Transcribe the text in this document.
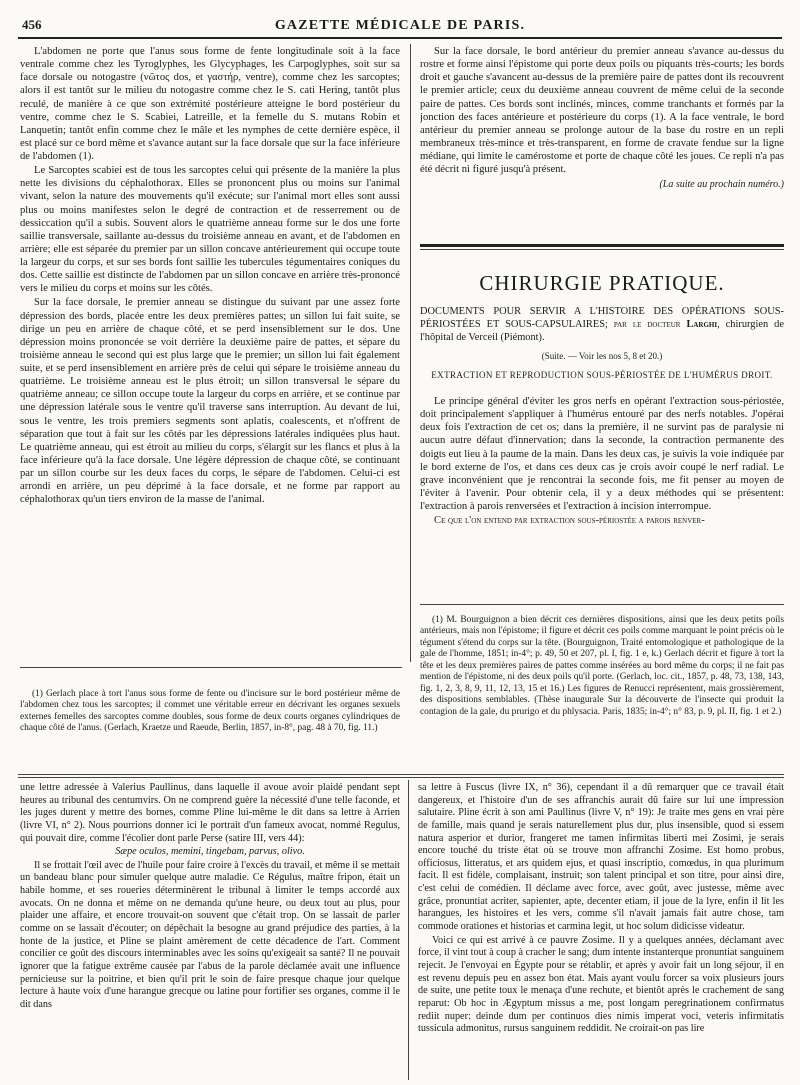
456	GAZETTE MÉDICALE DE PARIS.

L'abdomen ne porte que l'anus sous forme de fente longitudinale soit à la face ventrale comme chez les Tyroglyphes, les Glycyphages, les Carpoglyphes, soit sur sa face dorsale ou notogastre (νῶτος dos, et γαστήρ, ventre), comme chez les sarcoptes; alors il est tantôt sur le milieu du notogastre comme chez le S. cati Hering, tantôt plus reculé, de manière à ce que son extrémité postérieure atteigne le bord postérieur du ventre, comme chez le S. Scabiei, Latreille, et la femelle du S. mutans Robin et Lanquetin; tantôt enfin comme chez le mâle et les nymphes de cette dernière espèce, il est placé sur ce bord même et s'avance autant sur la face dorsale que sur la face inférieure de l'abdomen (1).

Le Sarcoptes scabiei est de tous les sarcoptes celui qui présente de la manière la plus nette les divisions du céphalothorax. Elles se prononcent plus ou moins sur l'animal vivant, selon la nature des mouvements qu'il exécute; sur l'animal mort elles sont aussi plus ou moins manifestes selon le degré de contraction et de resserrement ou de dessiccation qu'il a subis. Souvent alors le quatrième anneau forme sur le dos une forte saillie transversale, saillante au-dessus du troisième anneau en avant, et de l'abdomen en arrière; elle est séparée du premier par un sillon concave antérieurement qui occupe toute la largeur du corps, et sur ses bords font saillie les tubercules tégumentaires coniques du dos. Cette saillie est distincte de l'abdomen par un sillon concave en arrière très-prononcé vers le milieu du corps et moins sur les côtés.

Sur la face dorsale, le premier anneau se distingue du suivant par une assez forte dépression des bords, placée entre les deux premières pattes; un sillon lui fait suite, se dirige un peu en arrière de chaque côté, et se perd insensiblement sur le dos. Une dépression moins prononcée se voit derrière la deuxième paire de pattes, et sépare du troisième anneau le second qui est plus large que le premier; un sillon lui fait également suite, et se perd insensiblement en arrière près de celui qui sépare le troisième anneau du quatrième. Le troisième anneau est le plus étroit; un sillon transversal le sépare du quatrième anneau; ce sillon occupe toute la largeur du corps en arrière, et se continue par une dépression latérale sous le ventre qu'il traverse sans interruption. Au devant de lui, sous le ventre, les trois premiers segments sont aplatis, coalescents, et n'offrent de séparation que tout à fait sur les côtés par les dépressions latérales indiquées plus haut. Le quatrième anneau, qui est étroit au milieu du corps, s'élargit sur les flancs et plus à la face inférieure qu'à la face dorsale. Une légère dépression de chaque côté, se continuant par un sillon courbe sur les deux faces du corps, le sépare de l'abdomen. Celui-ci est arrondi en arrière, un peu déprimé à la face dorsale, et ne forme par rapport au céphalothorax qu'un tiers environ de la masse de l'animal.

(1) Gerlach place à tort l'anus sous forme de fente ou d'incisure sur le bord postérieur même de l'abdomen chez tous les sarcoptes; il commet une véritable erreur en décrivant les organes sexuels externes femelles des sarcoptes comme doubles, sous forme de deux courts organes cylindriques de chaque côté de l'anus. (Gerlach, Kraetze und Raeude, Berlin, 1857, in-8°, pag. 48 à 70, fig. 11.)

Sur la face dorsale, le bord antérieur du premier anneau s'avance au-dessus du rostre et forme ainsi l'épistome qui porte deux poils ou piquants très-courts; les bords droit et gauche s'avancent au-dessus de la première paire de pattes dont ils recouvrent le premier article; ceux du deuxième anneau couvrent de même celui de la seconde paire de pattes. Ces bords sont inclinés, minces, comme tranchants et formés par la jonction des faces antérieure et postérieure du corps (1). A la face ventrale, le bord antérieur du premier anneau se prolonge autour de la base du rostre en un repli membraneux très-mince et très-transparent, en forme de cravate fendue sur la ligne médiane, qui limite le camérostome et porte de chaque côté les joues. Ce repli n'a pas été décrit ni figuré jusqu'à présent.

(La suite au prochain numéro.)
CHIRURGIE PRATIQUE.
DOCUMENTS POUR SERVIR A L'HISTOIRE DES OPÉRATIONS SOUS-PÉRIOSTÉES ET SOUS-CAPSULAIRES; par le docteur Larghi, chirurgien de l'hôpital de Verceil (Piémont).
(Suite. — Voir les nos 5, 8 et 20.)
EXTRACTION ET REPRODUCTION SOUS-PÉRIOSTÉE DE L'HUMÉRUS DROIT.

Le principe général d'éviter les gros nerfs en opérant l'extraction sous-périostée, doit principalement s'appliquer à l'humérus entouré par des nerfs notables. J'opérai deux fois l'extraction de cet os; dans la première, il ne survint pas de paralysie ni aucun autre défaut d'innervation; dans la seconde, la contraction permanente des doigts eut lieu à la paume de la main. Dans les deux cas, je suivis la voie indiquée par le bord externe de l'os, et dans ces deux cas je crois avoir coupé le nerf radial. Le grave inconvénient que je rencontrai la seconde fois, me fit penser au moyen de l'éviter à l'avenir. Pour obtenir cela, il y a deux méthodes qui se présentent: l'extraction à parois renversées et l'extraction à incision interrompue.

Ce que l'on entend par extraction sous-périostée a parois renver-

(1) M. Bourguignon a bien décrit ces dernières dispositions, ainsi que les deux petits poils antérieurs, mais non l'épistome; il figure et décrit ces poils comme marquant le point précis où le tégument s'étend du corps sur la tête. (Bourguignon, Traité entomologique et pathologique de la gale de l'homme, 1851; in-4°; p. 49, 50 et 207, pl. I, fig. 1 e, k.) Gerlach décrit et figure à tort la tête et les deux premières paires de pattes comme insérées au bord même du corps; il ne fait pas mention de l'épistome, ni des deux poils qu'il porte. (Gerlach, loc. cit., 1857, p. 48, 73, 138, 143, fig. 1, 2, 3, 8, 9, 11, 12, 13, 15 et 16.) Les figures de Renucci représentent, mais grossièrement, des dispositions semblables. (Thèse inaugurale Sur la découverte de l'insecte qui produit la contagion de la gale, du prurigo et du phlysacia. Paris, 1835; in-4°; n° 83, p. 9, pl. II, fig. 1 et 2.)

une lettre adressée à Valerius Paullinus, dans laquelle il avoue avoir plaidé pendant sept heures au tribunal des centumvirs. On ne comprend guère la nécessité d'une telle faconde, et les juges durent y mettre des bornes, comme Pline lui-même le dit dans sa lettre à Arrien (livre VI, n° 2). Nous pourrions donner ici le portrait d'un fameux avocat, nommé Regulus, qui pouvait dire, comme l'écolier dont parle Perse (satire III, vers 44):

Sæpe oculos, memini, tingebam, parvus, olivo.

Il se frottait l'œil avec de l'huile pour faire croire à l'excès du travail, et même il se mettait un bandeau blanc pour simuler quelque autre maladie. Ce Régulus, maître fripon, était un habile homme, et ses roueries déterminèrent le tribunal à limiter le temps accordé aux avocats. On ne donna et même on ne demanda qu'une heure, ou deux tout au plus, pour plaider une affaire, et encore trouvait-on souvent que c'était trop. On se lassait de parler comme on se lassait d'écouter; on dépêchait la besogne au grand préjudice des parties, à la honte de la justice, et Pline se plaint amèrement de cette décadence de l'art. Comment concilier ce goût des discours interminables avec les soins qu'exigeait sa santé? Il ne pouvait ignorer que la fatigue extrême causée par l'abus de la parole déclamée avait une influence pernicieuse sur la poitrine, et bien qu'il prit le soin de faire presque chaque jour quelque lecture à haute voix d'une harangue grecque ou latine pour fortifier ses organes, comme il le dit dans

sa lettre à Fuscus (livre IX, n° 36), cependant il a dû remarquer que ce travail était dangereux, et l'histoire d'un de ses affranchis aurait dû faire sur lui une impression salutaire. Pline écrit à son ami Paullinus (livre V, n° 19): Je traite mes gens en vrai père de famille, mais quand je serais naturellement plus dur, plus insensible, quod si essem natura asperior et durior, frangeret me tamen infirmitas liberti mei Zosimi, je serais encore touché du triste état où se trouve mon affranchi Zosime. Est homo probus, officiosus, litteratus, et ars quidem ejus, et quasi inscriptio, comœdus, in qua plurimum facit. Il est fidèle, complaisant, instruit; son talent principal et son titre, pour ainsi dire, c'est celui de comédien. Il déclame avec force, avec goût, avec justesse, même avec grâce, pronuntiat acriter, sapienter, apte, decenter etiam, il joue de la lyre, enfin il lit les harangues, les histoires et les vers, comme s'il n'avait jamais fait autre chose, tam commode orationes et historias et carmina legit, ut hoc solum didicisse videatur.

Voici ce qui est arrivé à ce pauvre Zosime. Il y a quelques années, déclamant avec force, il vint tout à coup à cracher le sang; dum intente instanterque pronuntiat sanguinem rejecit. Je l'envoyai en Égypte pour se rétablir, et après y avoir fait un long séjour, il en est revenu depuis peu en assez bon état. Mais ayant voulu forcer sa voix plusieurs jours de suite, une petite toux le menaça d'une rechute, et bientôt après le crachement de sang reparut: Ob hoc in Ægyptum missus a me, post longam peregrinationem confirmatus rediit nuper: deinde dum per continuos dies nimis imperat voci, veteris infirmitatis tussicula admonitus, rursus sanguinem reddidit. Ne croirait-on pas lire
